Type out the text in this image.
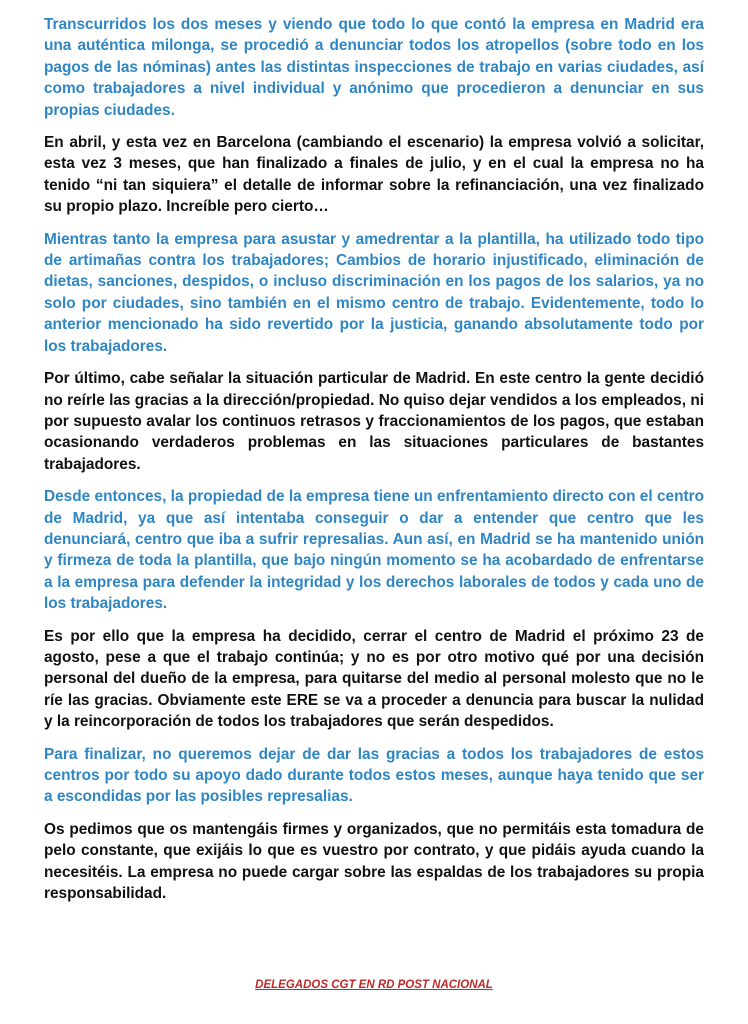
Transcurridos los dos meses y viendo que todo lo que contó la empresa en Madrid era una auténtica milonga, se procedió a denunciar todos los atropellos (sobre todo en los pagos de las nóminas) antes las distintas inspecciones de trabajo en varias ciudades, así como trabajadores a nivel individual y anónimo que procedieron a denunciar en sus propias ciudades.

En abril, y esta vez en Barcelona (cambiando el escenario) la empresa volvió a solicitar, esta vez 3 meses, que han finalizado a finales de julio, y en el cual la empresa no ha tenido “ni tan siquiera” el detalle de informar sobre la refinanciación, una vez finalizado su propio plazo. Increíble pero cierto…

Mientras tanto la empresa para asustar y amedrentar a la plantilla, ha utilizado todo tipo de artimañas contra los trabajadores; Cambios de horario injustificado, eliminación de dietas, sanciones, despidos, o incluso discriminación en los pagos de los salarios, ya no solo por ciudades, sino también en el mismo centro de trabajo. Evidentemente, todo lo anterior mencionado ha sido revertido por la justicia, ganando absolutamente todo por los trabajadores.

Por último, cabe señalar la situación particular de Madrid. En este centro la gente decidió no reírle las gracias a la dirección/propiedad. No quiso dejar vendidos a los empleados, ni por supuesto avalar los continuos retrasos y fraccionamientos de los pagos, que estaban ocasionando verdaderos problemas en las situaciones particulares de bastantes trabajadores.

Desde entonces, la propiedad de la empresa tiene un enfrentamiento directo con el centro de Madrid, ya que así intentaba conseguir o dar a entender que centro que les denunciará, centro que iba a sufrir represalias. Aun así, en Madrid se ha mantenido unión y firmeza de toda la plantilla, que bajo ningún momento se ha acobardado de enfrentarse a la empresa para defender la integridad y los derechos laborales de todos y cada uno de los trabajadores.

Es por ello que la empresa ha decidido, cerrar el centro de Madrid el próximo 23 de agosto, pese a que el trabajo continúa; y no es por otro motivo qué por una decisión personal del dueño de la empresa, para quitarse del medio al personal molesto que no le ríe las gracias. Obviamente este ERE se va a proceder a denuncia para buscar la nulidad y la reincorporación de todos los trabajadores que serán despedidos.

Para finalizar, no queremos dejar de dar las gracias a todos los trabajadores de estos centros por todo su apoyo dado durante todos estos meses, aunque haya tenido que ser a escondidas por las posibles represalias.

Os pedimos que os mantengáis firmes y organizados, que no permitáis esta tomadura de pelo constante, que exijáis lo que es vuestro por contrato, y que pidáis ayuda cuando la necesitéis. La empresa no puede cargar sobre las espaldas de los trabajadores su propia responsabilidad.

DELEGADOS CGT EN RD POST NACIONAL
